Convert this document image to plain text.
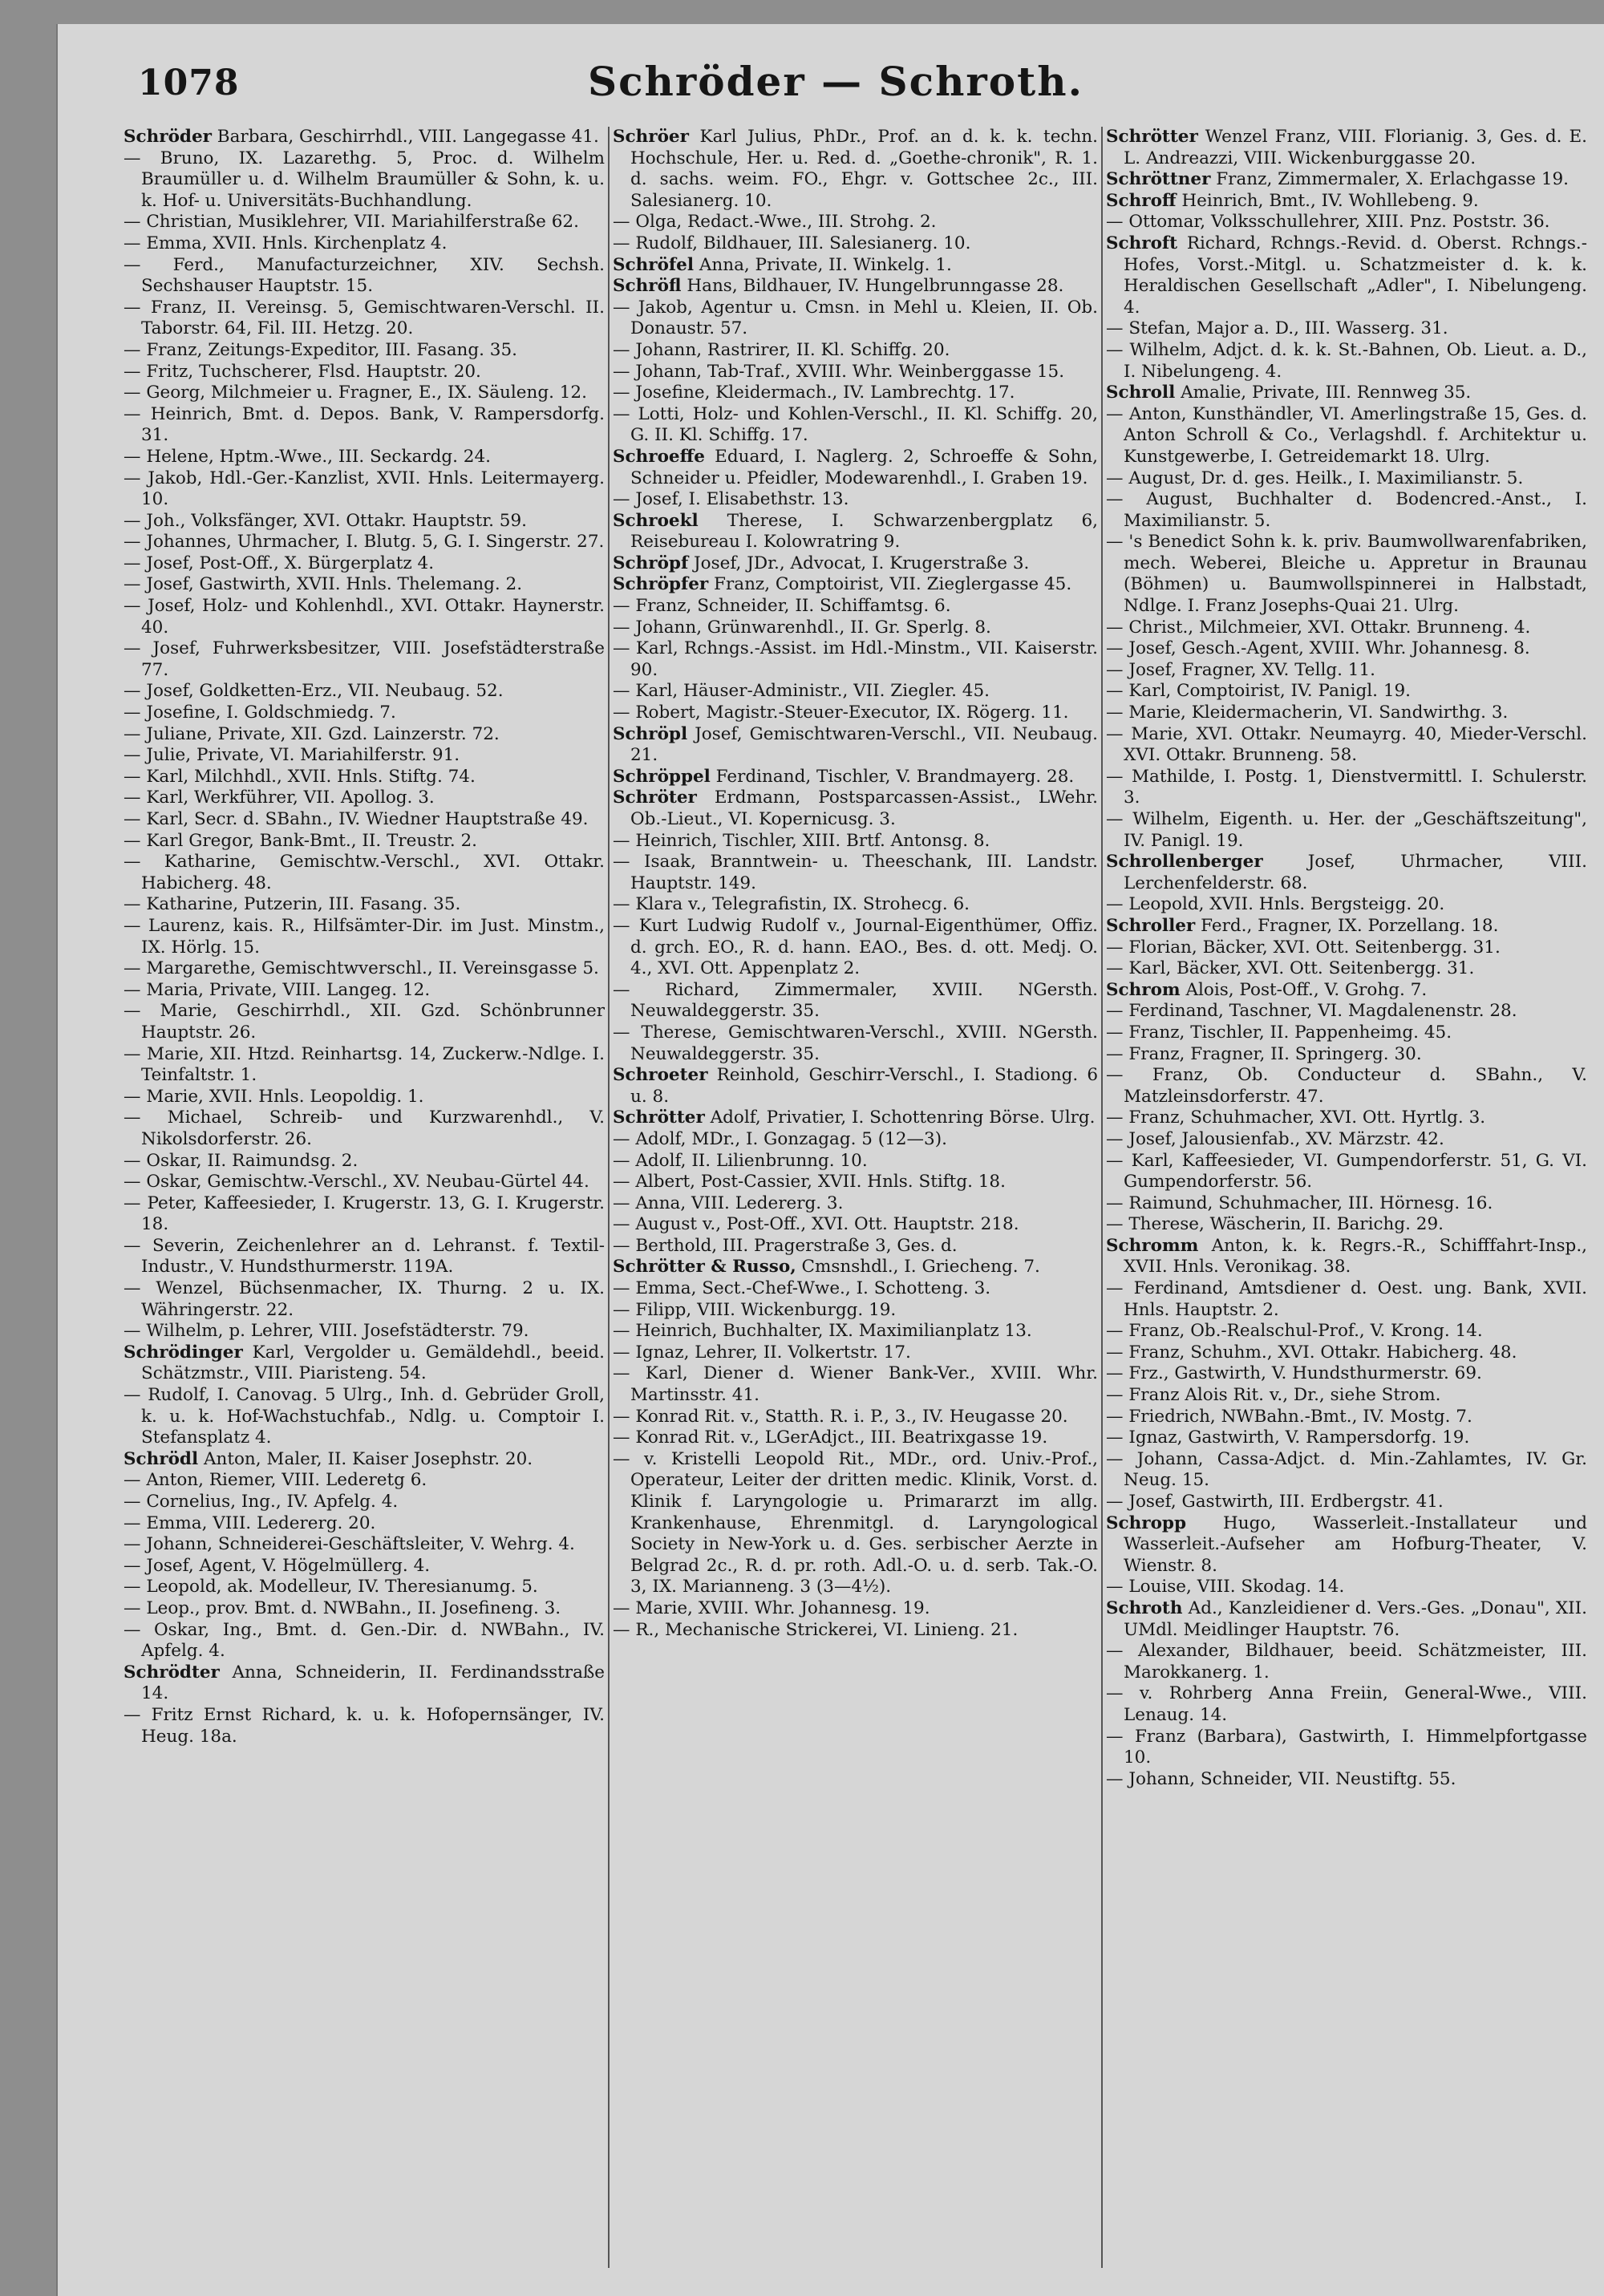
1078	Schröder — Schroth.

Schröder Barbara, Geschirrhdl., VIII. Langegasse 41.

— Bruno, IX. Lazarethg. 5, Proc. d. Wilhelm Braumüller u. d. Wilhelm Braumüller & Sohn, k. u. k. Hof- u. Universitäts-Buchhandlung.

— Christian, Musiklehrer, VII. Mariahilferstraße 62.

— Emma, XVII. Hnls. Kirchenplatz 4.

— Ferd., Manufacturzeichner, XIV. Sechsh. Sechshauser Hauptstr. 15.

— Franz, II. Vereinsg. 5, Gemischtwaren-Verschl. II. Taborstr. 64, Fil. III. Hetzg. 20.

— Franz, Zeitungs-Expeditor, III. Fasang. 35.

— Fritz, Tuchscherer, Flsd. Hauptstr. 20.

— Georg, Milchmeier u. Fragner, E., IX. Säuleng. 12.

— Heinrich, Bmt. d. Depos. Bank, V. Rampersdorfg. 31.

— Helene, Hptm.-Wwe., III. Seckardg. 24.

— Jakob, Hdl.-Ger.-Kanzlist, XVII. Hnls. Leitermayerg. 10.

— Joh., Volksfänger, XVI. Ottakr. Hauptstr. 59.

— Johannes, Uhrmacher, I. Blutg. 5, G. I. Singerstr. 27.

— Josef, Post-Off., X. Bürgerplatz 4.

— Josef, Gastwirth, XVII. Hnls. Thelemang. 2.

— Josef, Holz- und Kohlenhdl., XVI. Ottakr. Haynerstr. 40.

— Josef, Fuhrwerksbesitzer, VIII. Josefstädterstraße 77.

— Josef, Goldketten-Erz., VII. Neubaug. 52.

— Josefine, I. Goldschmiedg. 7.

— Juliane, Private, XII. Gzd. Lainzerstr. 72.

— Julie, Private, VI. Mariahilferstr. 91.

— Karl, Milchhdl., XVII. Hnls. Stiftg. 74.

— Karl, Werkführer, VII. Apollog. 3.

— Karl, Secr. d. SBahn., IV. Wiedner Hauptstraße 49.

— Karl Gregor, Bank-Bmt., II. Treustr. 2.

— Katharine, Gemischtw.-Verschl., XVI. Ottakr. Habicherg. 48.

— Katharine, Putzerin, III. Fasang. 35.

— Laurenz, kais. R., Hilfsämter-Dir. im Just. Minstm., IX. Hörlg. 15.

— Margarethe, Gemischtwverschl., II. Vereinsgasse 5.

— Maria, Private, VIII. Langeg. 12.

— Marie, Geschirrhdl., XII. Gzd. Schönbrunner Hauptstr. 26.

— Marie, XII. Htzd. Reinhartsg. 14, Zuckerw.-Ndlge. I. Teinfaltstr. 1.

— Marie, XVII. Hnls. Leopoldig. 1.

— Michael, Schreib- und Kurzwarenhdl., V. Nikolsdorferstr. 26.

— Oskar, II. Raimundsg. 2.

— Oskar, Gemischtw.-Verschl., XV. Neubau-Gürtel 44.

— Peter, Kaffeesieder, I. Krugerstr. 13, G. I. Krugerstr. 18.

— Severin, Zeichenlehrer an d. Lehranst. f. Textil-Industr., V. Hundsthurmerstr. 119A.

— Wenzel, Büchsenmacher, IX. Thurng. 2 u. IX. Währingerstr. 22.

— Wilhelm, p. Lehrer, VIII. Josefstädterstr. 79.

Schrödinger Karl, Vergolder u. Gemäldehdl., beeid. Schätzmstr., VIII. Piaristeng. 54.

— Rudolf, I. Canovag. 5 Ulrg., Inh. d. Gebrüder Groll, k. u. k. Hof-Wachstuchfab., Ndlg. u. Comptoir I. Stefansplatz 4.

Schrödl Anton, Maler, II. Kaiser Josephstr. 20.

— Anton, Riemer, VIII. Lederetg 6.

— Cornelius, Ing., IV. Apfelg. 4.

— Emma, VIII. Ledererg. 20.

— Johann, Schneiderei-Geschäftsleiter, V. Wehrg. 4.

— Josef, Agent, V. Högelmüllerg. 4.

— Leopold, ak. Modelleur, IV. Theresianumg. 5.

— Leop., prov. Bmt. d. NWBahn., II. Josefineng. 3.

— Oskar, Ing., Bmt. d. Gen.-Dir. d. NWBahn., IV. Apfelg. 4.

Schrödter Anna, Schneiderin, II. Ferdinandsstraße 14.

— Fritz Ernst Richard, k. u. k. Hofopernsänger, IV. Heug. 18a.

Schröer Karl Julius, PhDr., Prof. an d. k. k. techn. Hochschule, Her. u. Red. d. „Goethe-chronik", R. 1. d. sachs. weim. FO., Ehgr. v. Gottschee 2c., III. Salesianerg. 10.

— Olga, Redact.-Wwe., III. Strohg. 2.

— Rudolf, Bildhauer, III. Salesianerg. 10.

Schröfel Anna, Private, II. Winkelg. 1.

Schröfl Hans, Bildhauer, IV. Hungelbrunngasse 28.

— Jakob, Agentur u. Cmsn. in Mehl u. Kleien, II. Ob. Donaustr. 57.

— Johann, Rastrirer, II. Kl. Schiffg. 20.

— Johann, Tab-Traf., XVIII. Whr. Weinberggasse 15.

— Josefine, Kleidermach., IV. Lambrechtg. 17.

— Lotti, Holz- und Kohlen-Verschl., II. Kl. Schiffg. 20, G. II. Kl. Schiffg. 17.

Schroeffe Eduard, I. Naglerg. 2, Schroeffe & Sohn, Schneider u. Pfeidler, Modewarenhdl., I. Graben 19.

— Josef, I. Elisabethstr. 13.

Schroekl Therese, I. Schwarzenbergplatz 6, Reisebureau I. Kolowratring 9.

Schröpf Josef, JDr., Advocat, I. Krugerstraße 3.

Schröpfer Franz, Comptoirist, VII. Zieglergasse 45.

— Franz, Schneider, II. Schiffamtsg. 6.

— Johann, Grünwarenhdl., II. Gr. Sperlg. 8.

— Karl, Rchngs.-Assist. im Hdl.-Minstm., VII. Kaiserstr. 90.

— Karl, Häuser-Administr., VII. Ziegler. 45.

— Robert, Magistr.-Steuer-Executor, IX. Rögerg. 11.

Schröpl Josef, Gemischtwaren-Verschl., VII. Neubaug. 21.

Schröppel Ferdinand, Tischler, V. Brandmayerg. 28.

Schröter Erdmann, Postsparcassen-Assist., LWehr. Ob.-Lieut., VI. Kopernicusg. 3.

— Heinrich, Tischler, XIII. Brtf. Antonsg. 8.

— Isaak, Branntwein- u. Theeschank, III. Landstr. Hauptstr. 149.

— Klara v., Telegrafistin, IX. Strohecg. 6.

— Kurt Ludwig Rudolf v., Journal-Eigenthümer, Offiz. d. grch. EO., R. d. hann. EAO., Bes. d. ott. Medj. O. 4., XVI. Ott. Appenplatz 2.

— Richard, Zimmermaler, XVIII. NGersth. Neuwaldeggerstr. 35.

— Therese, Gemischtwaren-Verschl., XVIII. NGersth. Neuwaldeggerstr. 35.

Schroeter Reinhold, Geschirr-Verschl., I. Stadiong. 6 u. 8.

Schrötter Adolf, Privatier, I. Schottenring Börse. Ulrg.

— Adolf, MDr., I. Gonzagag. 5 (12—3).

— Adolf, II. Lilienbrunng. 10.

— Albert, Post-Cassier, XVII. Hnls. Stiftg. 18.

— Anna, VIII. Ledererg. 3.

— August v., Post-Off., XVI. Ott. Hauptstr. 218.

— Berthold, III. Pragerstraße 3, Ges. d.

Schrötter & Russo, Cmsnshdl., I. Griecheng. 7.

— Emma, Sect.-Chef-Wwe., I. Schotteng. 3.

— Filipp, VIII. Wickenburgg. 19.

— Heinrich, Buchhalter, IX. Maximilianplatz 13.

— Ignaz, Lehrer, II. Volkertstr. 17.

— Karl, Diener d. Wiener Bank-Ver., XVIII. Whr. Martinsstr. 41.

— Konrad Rit. v., Statth. R. i. P., 3., IV. Heugasse 20.

— Konrad Rit. v., LGerAdjct., III. Beatrixgasse 19.

— v. Kristelli Leopold Rit., MDr., ord. Univ.-Prof., Operateur, Leiter der dritten medic. Klinik, Vorst. d. Klinik f. Laryngologie u. Primararzt im allg. Krankenhause, Ehrenmitgl. d. Laryngological Society in New-York u. d. Ges. serbischer Aerzte in Belgrad 2c., R. d. pr. roth. Adl.-O. u. d. serb. Tak.-O. 3, IX. Marianneng. 3 (3—4½).

— Marie, XVIII. Whr. Johannesg. 19.

— R., Mechanische Strickerei, VI. Linieng. 21.

Schrötter Wenzel Franz, VIII. Florianig. 3, Ges. d. E. L. Andreazzi, VIII. Wickenburggasse 20.

Schröttner Franz, Zimmermaler, X. Erlachgasse 19.

Schroff Heinrich, Bmt., IV. Wohllebeng. 9.

— Ottomar, Volksschullehrer, XIII. Pnz. Poststr. 36.

Schroft Richard, Rchngs.-Revid. d. Oberst. Rchngs.-Hofes, Vorst.-Mitgl. u. Schatzmeister d. k. k. Heraldischen Gesellschaft „Adler", I. Nibelungeng. 4.

— Stefan, Major a. D., III. Wasserg. 31.

— Wilhelm, Adjct. d. k. k. St.-Bahnen, Ob. Lieut. a. D., I. Nibelungeng. 4.

Schroll Amalie, Private, III. Rennweg 35.

— Anton, Kunsthändler, VI. Amerlingstraße 15, Ges. d. Anton Schroll & Co., Verlagshdl. f. Architektur u. Kunstgewerbe, I. Getreidemarkt 18. Ulrg.

— August, Dr. d. ges. Heilk., I. Maximilianstr. 5.

— August, Buchhalter d. Bodencred.-Anst., I. Maximilianstr. 5.

— 's Benedict Sohn k. k. priv. Baumwollwarenfabriken, mech. Weberei, Bleiche u. Appretur in Braunau (Böhmen) u. Baumwollspinnerei in Halbstadt, Ndlge. I. Franz Josephs-Quai 21. Ulrg.

— Christ., Milchmeier, XVI. Ottakr. Brunneng. 4.

— Josef, Gesch.-Agent, XVIII. Whr. Johannesg. 8.

— Josef, Fragner, XV. Tellg. 11.

— Karl, Comptoirist, IV. Panigl. 19.

— Marie, Kleidermacherin, VI. Sandwirthg. 3.

— Marie, XVI. Ottakr. Neumayrg. 40, Mieder-Verschl. XVI. Ottakr. Brunneng. 58.

— Mathilde, I. Postg. 1, Dienstvermittl. I. Schulerstr. 3.

— Wilhelm, Eigenth. u. Her. der „Geschäftszeitung", IV. Panigl. 19.

Schrollenberger Josef, Uhrmacher, VIII. Lerchenfelderstr. 68.

— Leopold, XVII. Hnls. Bergsteigg. 20.

Schroller Ferd., Fragner, IX. Porzellang. 18.

— Florian, Bäcker, XVI. Ott. Seitenbergg. 31.

— Karl, Bäcker, XVI. Ott. Seitenbergg. 31.

Schrom Alois, Post-Off., V. Grohg. 7.

— Ferdinand, Taschner, VI. Magdalenenstr. 28.

— Franz, Tischler, II. Pappenheimg. 45.

— Franz, Fragner, II. Springerg. 30.

— Franz, Ob. Conducteur d. SBahn., V. Matzleinsdorferstr. 47.

— Franz, Schuhmacher, XVI. Ott. Hyrtlg. 3.

— Josef, Jalousienfab., XV. Märzstr. 42.

— Karl, Kaffeesieder, VI. Gumpendorferstr. 51, G. VI. Gumpendorferstr. 56.

— Raimund, Schuhmacher, III. Hörnesg. 16.

— Therese, Wäscherin, II. Barichg. 29.

Schromm Anton, k. k. Regrs.-R., Schifffahrt-Insp., XVII. Hnls. Veronikag. 38.

— Ferdinand, Amtsdiener d. Oest. ung. Bank, XVII. Hnls. Hauptstr. 2.

— Franz, Ob.-Realschul-Prof., V. Krong. 14.

— Franz, Schuhm., XVI. Ottakr. Habicherg. 48.

— Frz., Gastwirth, V. Hundsthurmerstr. 69.

— Franz Alois Rit. v., Dr., siehe Strom.

— Friedrich, NWBahn.-Bmt., IV. Mostg. 7.

— Ignaz, Gastwirth, V. Rampersdorfg. 19.

— Johann, Cassa-Adjct. d. Min.-Zahlamtes, IV. Gr. Neug. 15.

— Josef, Gastwirth, III. Erdbergstr. 41.

Schropp Hugo, Wasserleit.-Installateur und Wasserleit.-Aufseher am Hofburg-Theater, V. Wienstr. 8.

— Louise, VIII. Skodag. 14.

Schroth Ad., Kanzleidiener d. Vers.-Ges. „Donau", XII. UMdl. Meidlinger Hauptstr. 76.

— Alexander, Bildhauer, beeid. Schätzmeister, III. Marokkanerg. 1.

— v. Rohrberg Anna Freiin, General-Wwe., VIII. Lenaug. 14.

— Franz (Barbara), Gastwirth, I. Himmelpfortgasse 10.

— Johann, Schneider, VII. Neustiftg. 55.
